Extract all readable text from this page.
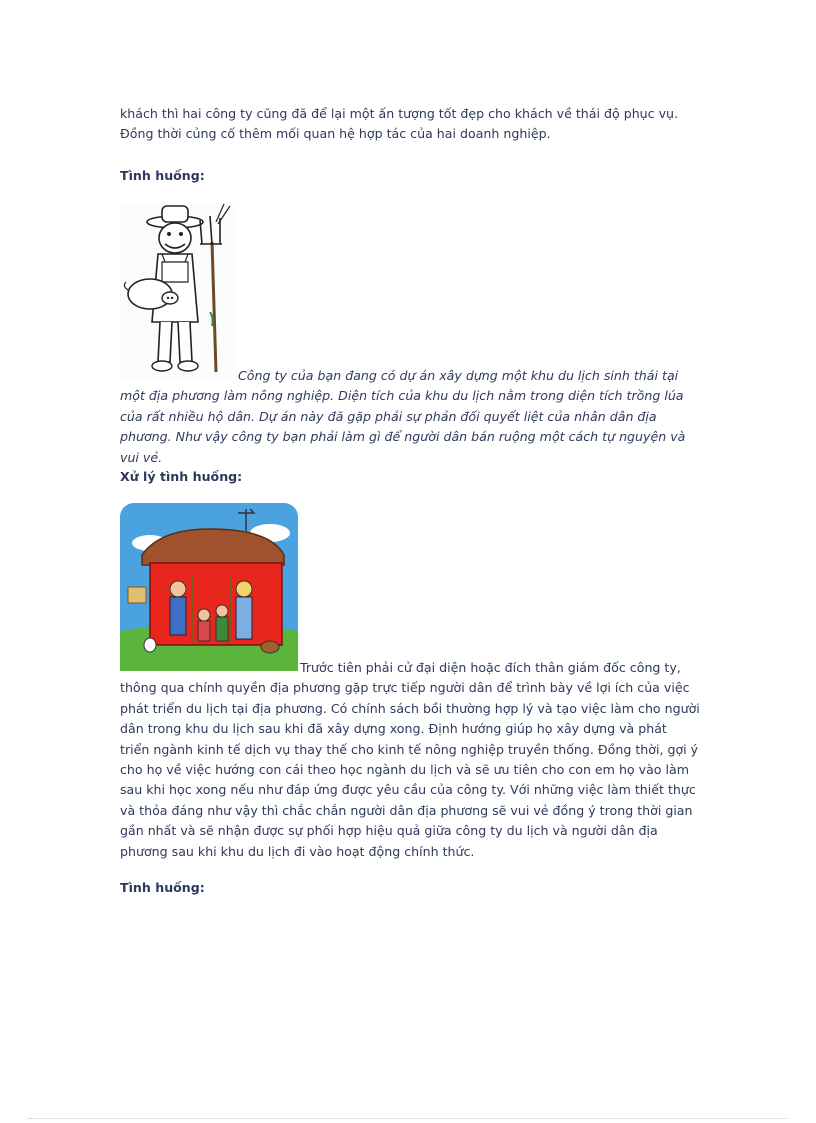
khách thì hai công ty cũng đã để lại một ấn tượng tốt đẹp cho khách về thái độ phục vụ. Đồng thời củng cố thêm mối quan hệ hợp tác của hai doanh nghiệp.

Tình huống:

Công ty của bạn đang có dự án xây dựng một khu du lịch sinh thái tại một địa phương làm nông nghiệp. Diện tích của khu du lịch nằm trong diện tích trồng lúa của rất nhiều hộ dân. Dự án này đã gặp phải sự phản đối quyết liệt của nhân dân địa phương. Như vậy công ty bạn phải làm gì để người dân bán ruộng một cách tự nguyện và vui vẻ.

Xử lý tình huống:

Trước tiên phải cử đại diện hoặc đích thân giám đốc công ty, thông qua chính quyền địa phương gặp trực tiếp người dân để trình bày về lợi ích của việc phát triển du lịch tại địa phương. Có chính sách bồi thường hợp lý và tạo việc làm cho người dân trong khu du lịch sau khi đã xây dựng xong. Định hướng giúp họ xây dựng và phát triển ngành kinh tế dịch vụ thay thế cho kinh tế nông nghiệp truyền thống. Đồng thời, gợi ý cho họ về việc hướng con cái theo học ngành du lịch và sẽ ưu tiên cho con em họ vào làm sau khi học xong nếu như đáp ứng được yêu cầu của công ty. Với những việc làm thiết thực và thỏa đáng như vậy thì chắc chắn người dân địa phương sẽ vui vẻ đồng ý trong thời gian gần nhất và sẽ nhận được sự phối hợp hiệu quả giữa công ty du lịch và người dân địa phương sau khi khu du lịch đi vào hoạt động chính thức.

Tình huống:
